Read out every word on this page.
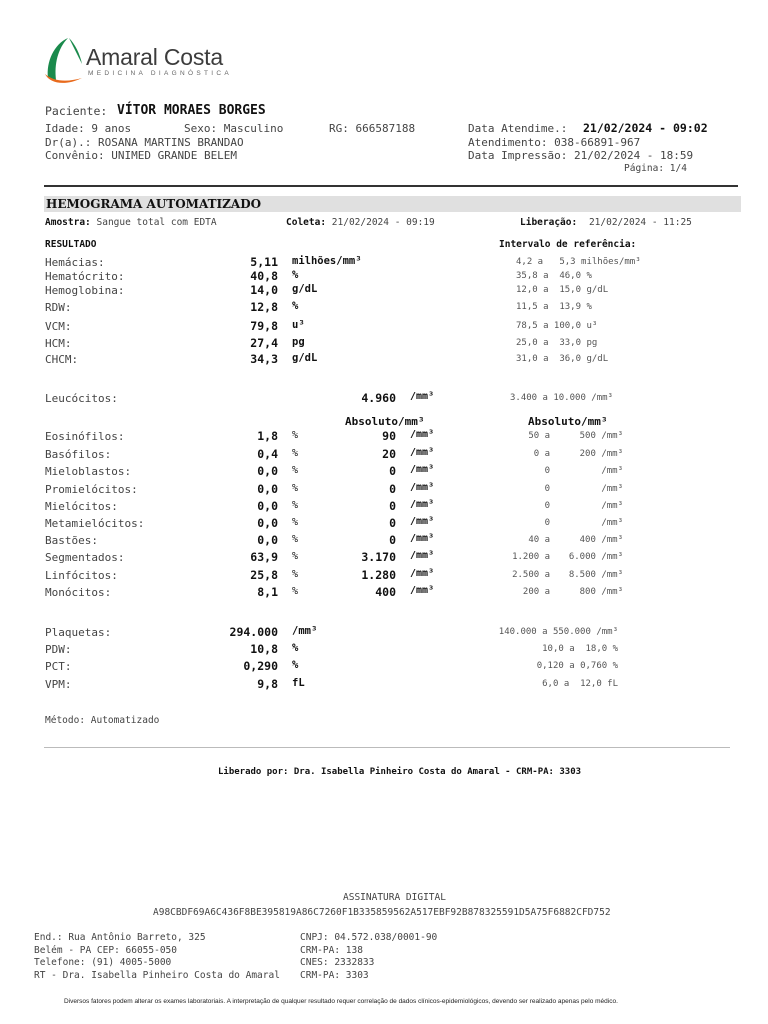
Amaral Costa
MEDICINA DIAGNÓSTICA
Paciente: VÍTOR MORAES BORGES
Idade: 9 anos	Sexo: Masculino	RG: 666587188
Dr(a).: ROSANA MARTINS BRANDAO
Convênio: UNIMED GRANDE BELEM
Data Atendime.: 21/02/2024 - 09:02
Atendimento: 038-66891-967
Data Impressão: 21/02/2024 - 18:59
Página: 1/4
HEMOGRAMA AUTOMATIZADO
Amostra: Sangue total com EDTA	Coleta: 21/02/2024 - 09:19	Liberação: 21/02/2024 - 11:25
RESULTADO	Intervalo de referência:
Hemácias:	5,11 milhões/mm³	4,2 a   5,3 milhões/mm³
Hematócrito:	40,8 %	35,8 a  46,0 %
Hemoglobina:	14,0 g/dL	12,0 a  15,0 g/dL
RDW:	12,8 %	11,5 a  13,9 %
VCM:	79,8 u³	78,5 a 100,0 u³
HCM:	27,4 pg	25,0 a  33,0 pg
CHCM:	34,3 g/dL	31,0 a  36,0 g/dL
Leucócitos:	4.960 /mm³	3.400 a 10.000 /mm³
Absoluto/mm³	Absoluto/mm³
Eosinófilos:	1,8 %	90 /mm³	50 a	500 /mm³
Basófilos:	0,4 %	20 /mm³	0 a	200 /mm³
Mieloblastos:	0,0 %	0 /mm³	0	/mm³
Promielócitos:	0,0 %	0 /mm³	0	/mm³
Mielócitos:	0,0 %	0 /mm³	0	/mm³
Metamielócitos:	0,0 %	0 /mm³	0	/mm³
Bastões:	0,0 %	0 /mm³	40 a	400 /mm³
Segmentados:	63,9 %	3.170 /mm³	1.200 a 6.000 /mm³
Linfócitos:	25,8 %	1.280 /mm³	2.500 a 8.500 /mm³
Monócitos:	8,1 %	400 /mm³	200 a	800 /mm³
Plaquetas:	294.000 /mm³	140.000 a 550.000 /mm³
PDW:	10,8 %	10,0 a  18,0 %
PCT:	0,290 %	0,120 a 0,760 %
VPM:	9,8 fL	6,0 a  12,0 fL
Método: Automatizado
Liberado por: Dra. Isabella Pinheiro Costa do Amaral - CRM-PA: 3303
ASSINATURA DIGITAL
A98CBDF69A6C436F8BE395819A86C7260F1B335859562A517EBF92B878325591D5A75F6882CFD752
End.: Rua Antônio Barreto, 325
Belém - PA CEP: 66055-050
Telefone: (91) 4005-5000
RT - Dra. Isabella Pinheiro Costa do Amaral
CNPJ: 04.572.038/0001-90
CRM-PA: 138
CNES: 2332833
CRM-PA: 3303
Diversos fatores podem alterar os exames laboratoriais. A interpretação de qualquer resultado requer correlação de dados clínicos-epidemiológicos, devendo ser realizado apenas pelo médico.
